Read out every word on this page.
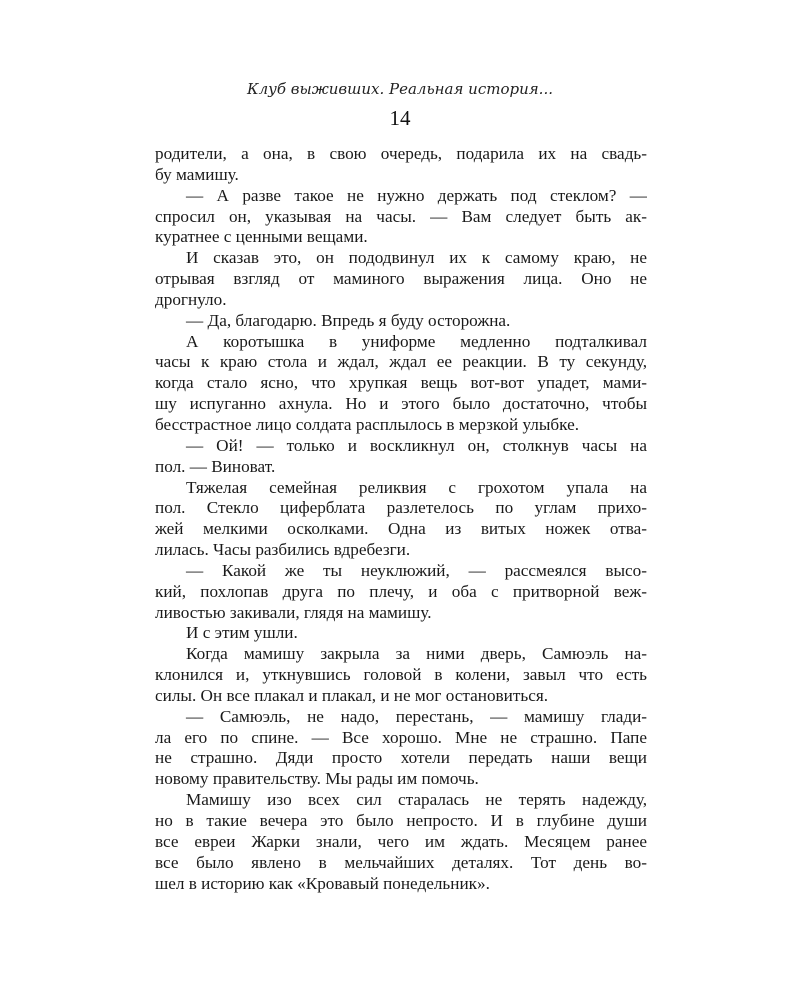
Клуб выживших. Реальная история...
14
родители, а она, в свою очередь, подарила их на свадь-
бу мамишу.
— А разве такое не нужно держать под стеклом? —
спросил он, указывая на часы. — Вам следует быть ак-
куратнее с ценными вещами.
И сказав это, он пододвинул их к самому краю, не
отрывая взгляд от маминого выражения лица. Оно не
дрогнуло.
— Да, благодарю. Впредь я буду осторожна.
А коротышка в униформе медленно подталкивал
часы к краю стола и ждал, ждал ее реакции. В ту секунду,
когда стало ясно, что хрупкая вещь вот-вот упадет, мами-
шу испуганно ахнула. Но и этого было достаточно, чтобы
бесстрастное лицо солдата расплылось в мерзкой улыбке.
— Ой! — только и воскликнул он, столкнув часы на
пол. — Виноват.
Тяжелая семейная реликвия с грохотом упала на
пол. Стекло циферблата разлетелось по углам прихо-
жей мелкими осколками. Одна из витых ножек отва-
лилась. Часы разбились вдребезги.
— Какой же ты неуклюжий, — рассмеялся высо-
кий, похлопав друга по плечу, и оба с притворной веж-
ливостью закивали, глядя на мамишу.
И с этим ушли.
Когда мамишу закрыла за ними дверь, Самюэль на-
клонился и, уткнувшись головой в колени, завыл что есть
силы. Он все плакал и плакал, и не мог остановиться.
— Самюэль, не надо, перестань, — мамишу глади-
ла его по спине. — Все хорошо. Мне не страшно. Папе
не страшно. Дяди просто хотели передать наши вещи
новому правительству. Мы рады им помочь.
Мамишу изо всех сил старалась не терять надежду,
но в такие вечера это было непросто. И в глубине души
все евреи Жарки знали, чего им ждать. Месяцем ранее
все было явлено в мельчайших деталях. Тот день во-
шел в историю как «Кровавый понедельник».
